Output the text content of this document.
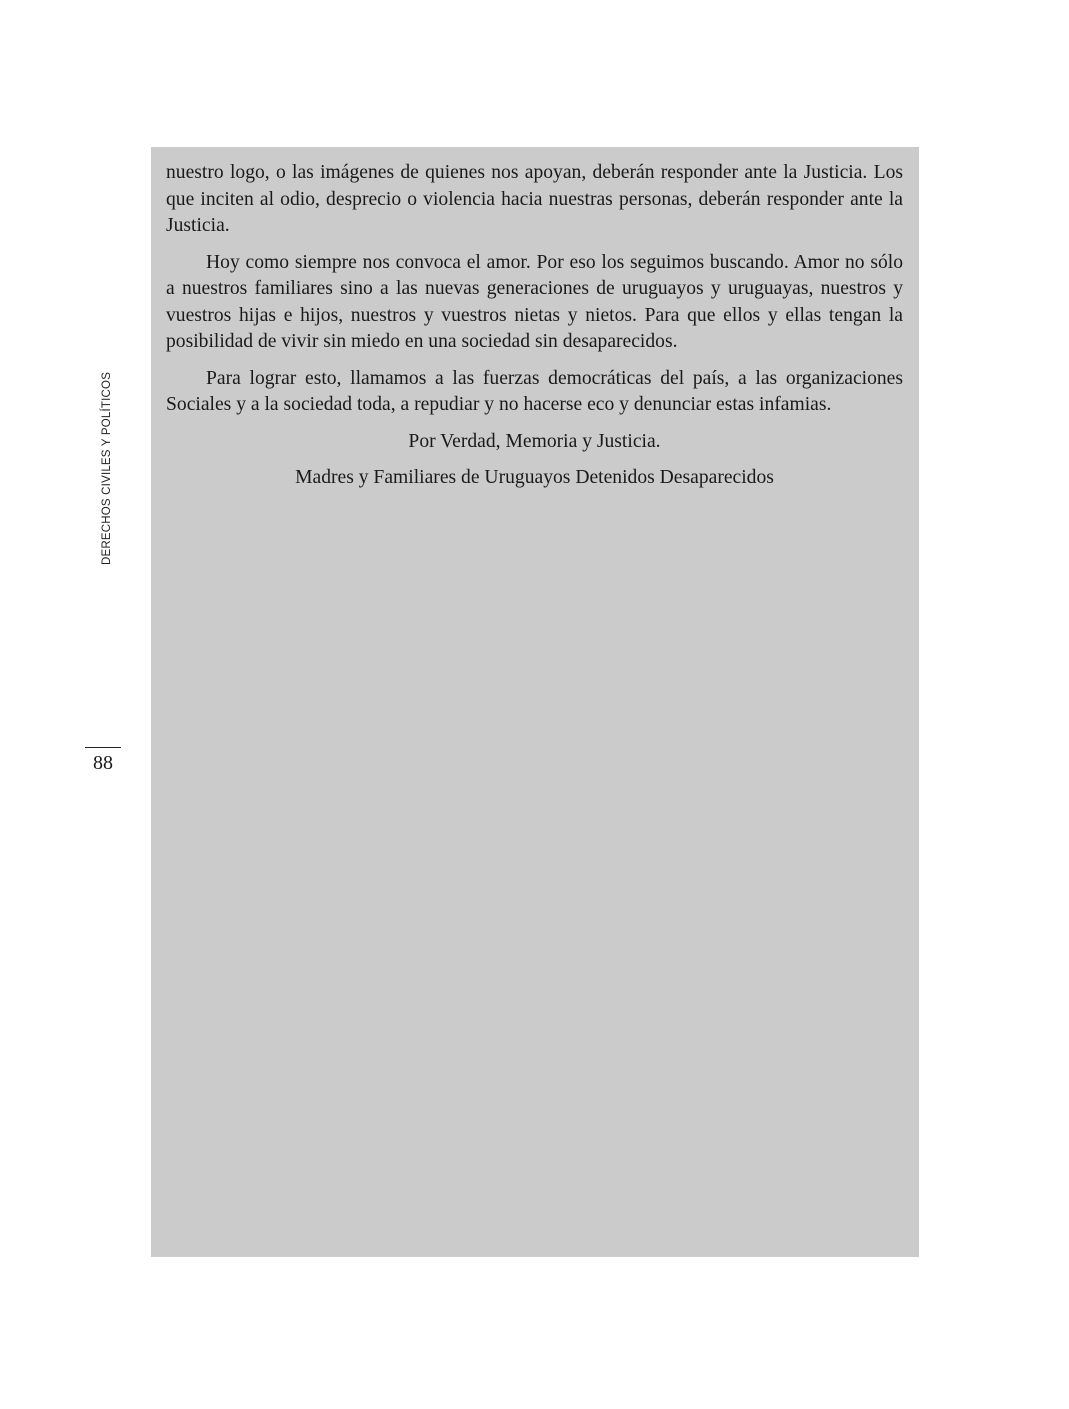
DERECHOS CIVILES Y POLÍTICOS
88

nuestro logo, o las imágenes de quienes nos apoyan, deberán responder ante la Justicia. Los que inciten al odio, desprecio o violencia hacia nuestras personas, deberán responder ante la Justicia.

Hoy como siempre nos convoca el amor. Por eso los seguimos buscando. Amor no sólo a nuestros familiares sino a las nuevas generaciones de uruguayos y uruguayas, nuestros y vuestros hijas e hijos, nuestros y vuestros nietas y nietos. Para que ellos y ellas tengan la posibilidad de vivir sin miedo en una sociedad sin desaparecidos.

Para lograr esto, llamamos a las fuerzas democráticas del país, a las organizaciones Sociales y a la sociedad toda, a repudiar y no hacerse eco y denunciar estas infamias.

Por Verdad, Memoria y Justicia.

Madres y Familiares de Uruguayos Detenidos Desaparecidos
